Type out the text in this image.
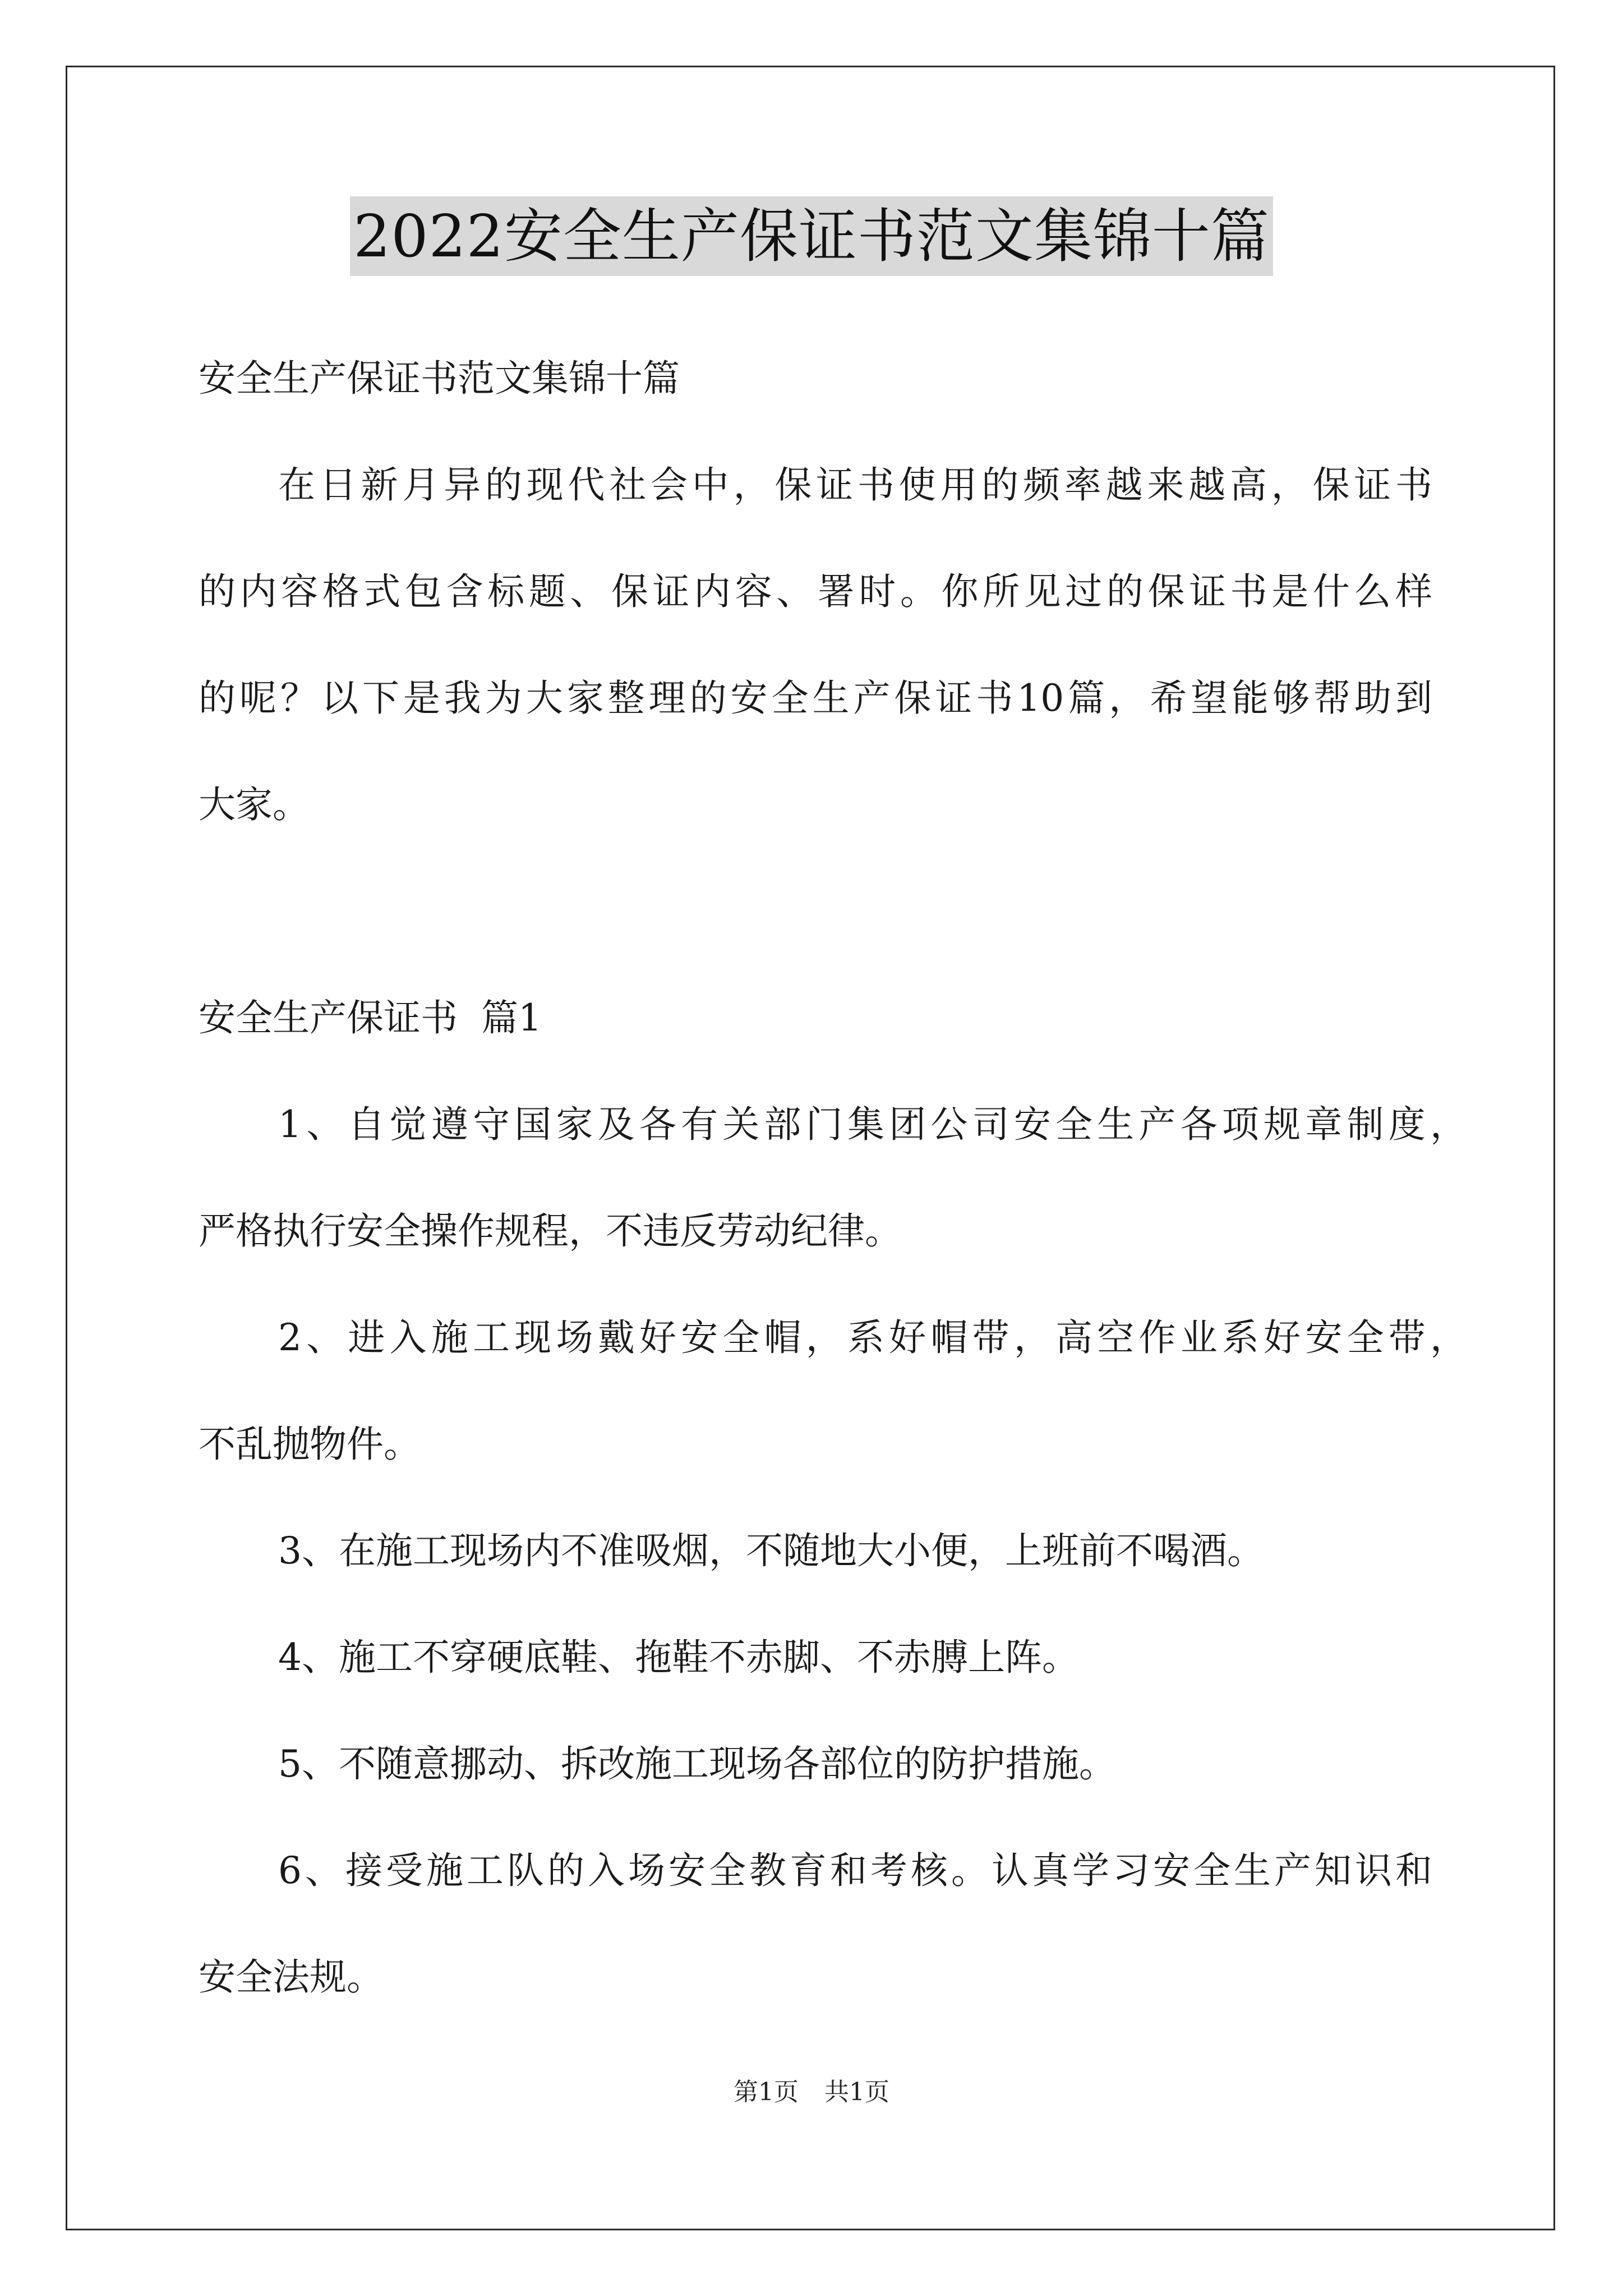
2022安全生产保证书范文集锦十篇
安全生产保证书范文集锦十篇
在日新月异的现代社会中，保证书使用的频率越来越高，保证书
的内容格式包含标题、保证内容、署时。你所见过的保证书是什么样
的呢？以下是我为大家整理的安全生产保证书10篇，希望能够帮助到
大家。
安全生产保证书  篇1
1、自觉遵守国家及各有关部门集团公司安全生产各项规章制度，
严格执行安全操作规程，不违反劳动纪律。
2、进入施工现场戴好安全帽，系好帽带，高空作业系好安全带，
不乱抛物件。
3、在施工现场内不准吸烟，不随地大小便，上班前不喝酒。
4、施工不穿硬底鞋、拖鞋不赤脚、不赤膊上阵。
5、不随意挪动、拆改施工现场各部位的防护措施。
6、接受施工队的入场安全教育和考核。认真学习安全生产知识和
安全法规。
第1页 共1页
